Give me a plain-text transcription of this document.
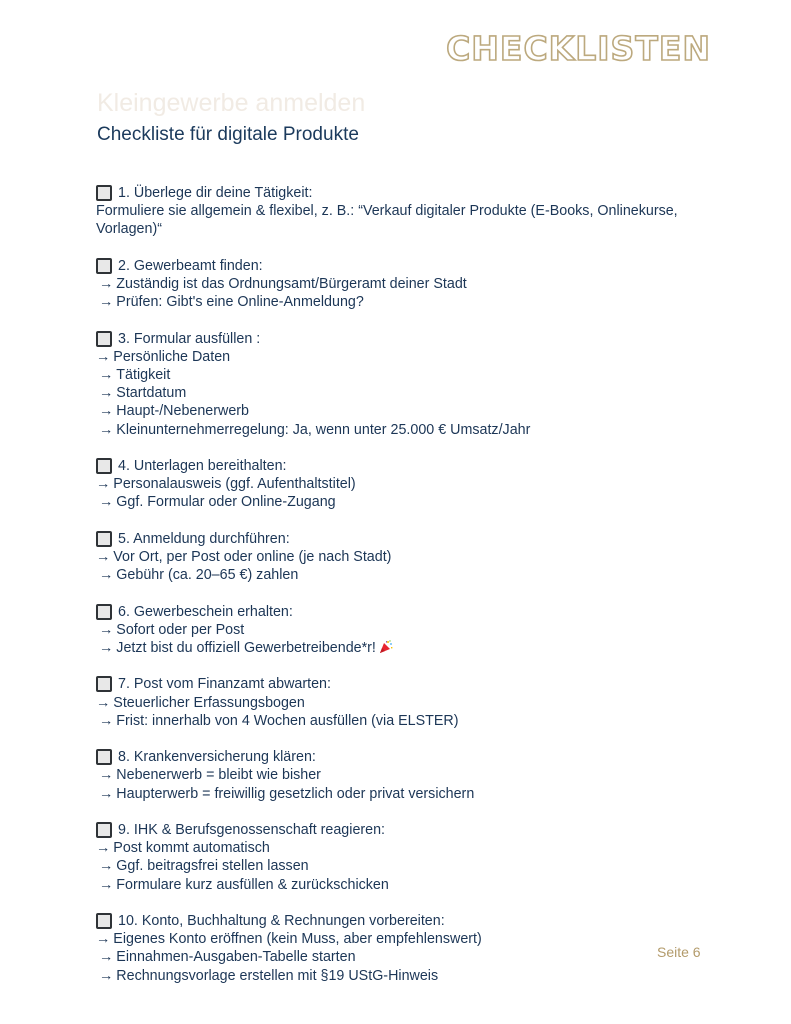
CHECKLISTEN
Kleingewerbe anmelden
Checkliste für digitale Produkte
1. Überlege dir deine Tätigkeit:
Formuliere sie allgemein & flexibel, z. B.: “Verkauf digitaler Produkte (E-Books, Onlinekurse, Vorlagen)“
2. Gewerbeamt finden:
→ Zuständig ist das Ordnungsamt/Bürgeramt deiner Stadt
→ Prüfen: Gibt's eine Online-Anmeldung?
3. Formular ausfüllen :
→ Persönliche Daten
→ Tätigkeit
→ Startdatum
→ Haupt-/Nebenerwerb
→ Kleinunternehmerregelung: Ja, wenn unter 25.000 € Umsatz/Jahr
4. Unterlagen bereithalten:
→ Personalausweis (ggf. Aufenthaltstitel)
→ Ggf. Formular oder Online-Zugang
5. Anmeldung durchführen:
→ Vor Ort, per Post oder online (je nach Stadt)
→ Gebühr (ca. 20–65 €) zahlen
6. Gewerbeschein erhalten:
→ Sofort oder per Post
→ Jetzt bist du offiziell Gewerbetreibende*r!
7. Post vom Finanzamt abwarten:
→ Steuerlicher Erfassungsbogen
→ Frist: innerhalb von 4 Wochen ausfüllen (via ELSTER)
8. Krankenversicherung klären:
→ Nebenerwerb = bleibt wie bisher
→ Haupterwerb = freiwillig gesetzlich oder privat versichern
9. IHK & Berufsgenossenschaft reagieren:
→ Post kommt automatisch
→ Ggf. beitragsfrei stellen lassen
→ Formulare kurz ausfüllen & zurückschicken
10. Konto, Buchhaltung & Rechnungen vorbereiten:
→ Eigenes Konto eröffnen (kein Muss, aber empfehlenswert)
→ Einnahmen-Ausgaben-Tabelle starten
→ Rechnungsvorlage erstellen mit §19 UStG-Hinweis
Seite 6
